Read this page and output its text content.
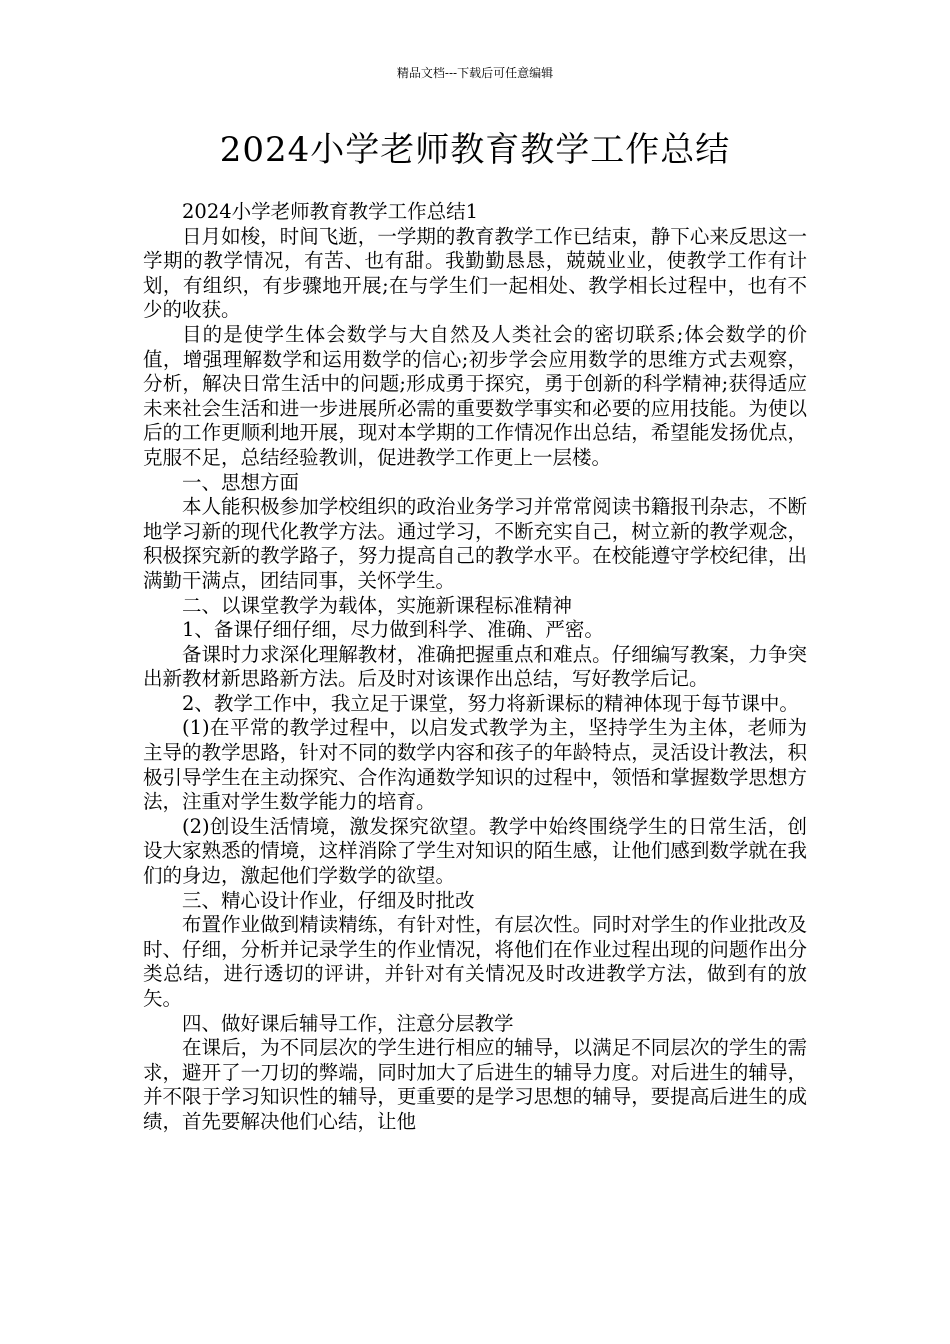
精品文档---下载后可任意编辑
2024小学老师教育教学工作总结

2024小学老师教育教学工作总结1

日月如梭，时间飞逝，一学期的教育教学工作已结束，静下心来反思这一学期的教学情况，有苦、也有甜。我勤勤恳恳，兢兢业业，使教学工作有计划，有组织，有步骤地开展;在与学生们一起相处、教学相长过程中，也有不少的收获。

目的是使学生体会数学与大自然及人类社会的密切联系;体会数学的价值，增强理解数学和运用数学的信心;初步学会应用数学的思维方式去观察，分析，解决日常生活中的问题;形成勇于探究，勇于创新的科学精神;获得适应未来社会生活和进一步进展所必需的重要数学事实和必要的应用技能。为使以后的工作更顺利地开展，现对本学期的工作情况作出总结，希望能发扬优点，克服不足，总结经验教训，促进教学工作更上一层楼。

一、思想方面

本人能积极参加学校组织的政治业务学习并常常阅读书籍报刊杂志，不断地学习新的现代化教学方法。通过学习，不断充实自己，树立新的教学观念，积极探究新的教学路子，努力提高自己的教学水平。在校能遵守学校纪律，出满勤干满点，团结同事，关怀学生。

二、以课堂教学为载体，实施新课程标准精神

1、备课仔细仔细，尽力做到科学、准确、严密。

备课时力求深化理解教材，准确把握重点和难点。仔细编写教案，力争突出新教材新思路新方法。后及时对该课作出总结，写好教学后记。

2、教学工作中，我立足于课堂，努力将新课标的精神体现于每节课中。

(1)在平常的教学过程中，以启发式教学为主，坚持学生为主体，老师为主导的教学思路，针对不同的数学内容和孩子的年龄特点，灵活设计教法，积极引导学生在主动探究、合作沟通数学知识的过程中，领悟和掌握数学思想方法，注重对学生数学能力的培育。

(2)创设生活情境，激发探究欲望。教学中始终围绕学生的日常生活，创设大家熟悉的情境，这样消除了学生对知识的陌生感，让他们感到数学就在我们的身边，激起他们学数学的欲望。

三、精心设计作业，仔细及时批改

布置作业做到精读精练，有针对性，有层次性。同时对学生的作业批改及时、仔细，分析并记录学生的作业情况，将他们在作业过程出现的问题作出分类总结，进行透切的评讲，并针对有关情况及时改进教学方法，做到有的放矢。

四、做好课后辅导工作，注意分层教学

在课后，为不同层次的学生进行相应的辅导，以满足不同层次的学生的需求，避开了一刀切的弊端，同时加大了后进生的辅导力度。对后进生的辅导，并不限于学习知识性的辅导，更重要的是学习思想的辅导，要提高后进生的成绩，首先要解决他们心结，让他
